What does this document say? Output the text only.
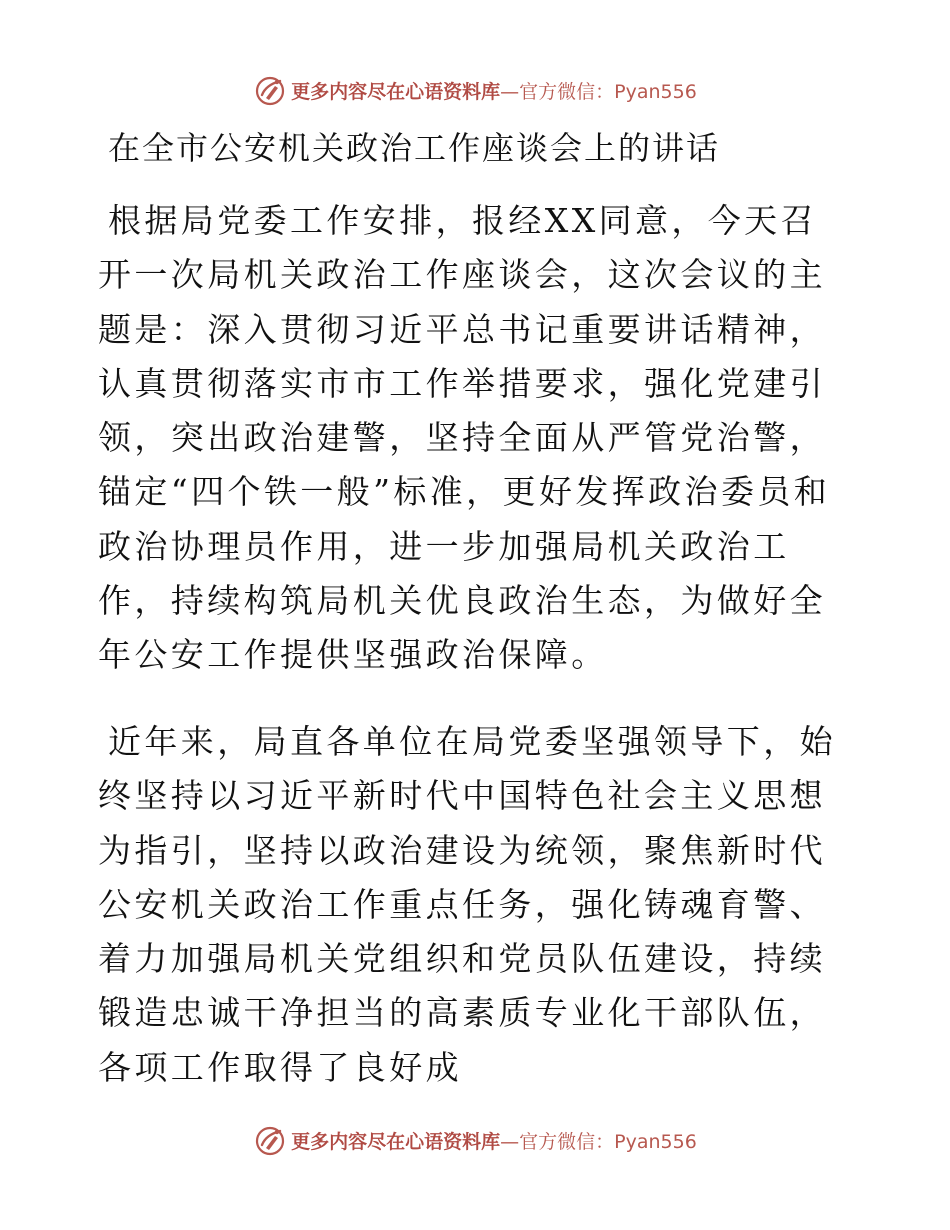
更多内容尽在心语资料库—官方微信：Pyan556
在全市公安机关政治工作座谈会上的讲话

根据局党委工作安排，报经XX同意，今天召开一次局机关政治工作座谈会，这次会议的主题是：深入贯彻习近平总书记重要讲话精神，认真贯彻落实市市工作举措要求，强化党建引领，突出政治建警，坚持全面从严管党治警，锚定“四个铁一般”标准，更好发挥政治委员和政治协理员作用，进一步加强局机关政治工作，持续构筑局机关优良政治生态，为做好全年公安工作提供坚强政治保障。

近年来，局直各单位在局党委坚强领导下，始终坚持以习近平新时代中国特色社会主义思想为指引，坚持以政治建设为统领，聚焦新时代公安机关政治工作重点任务，强化铸魂育警、着力加强局机关党组织和党员队伍建设，持续锻造忠诚干净担当的高素质专业化干部队伍，各项工作取得了良好成

更多内容尽在心语资料库—官方微信：Pyan556
